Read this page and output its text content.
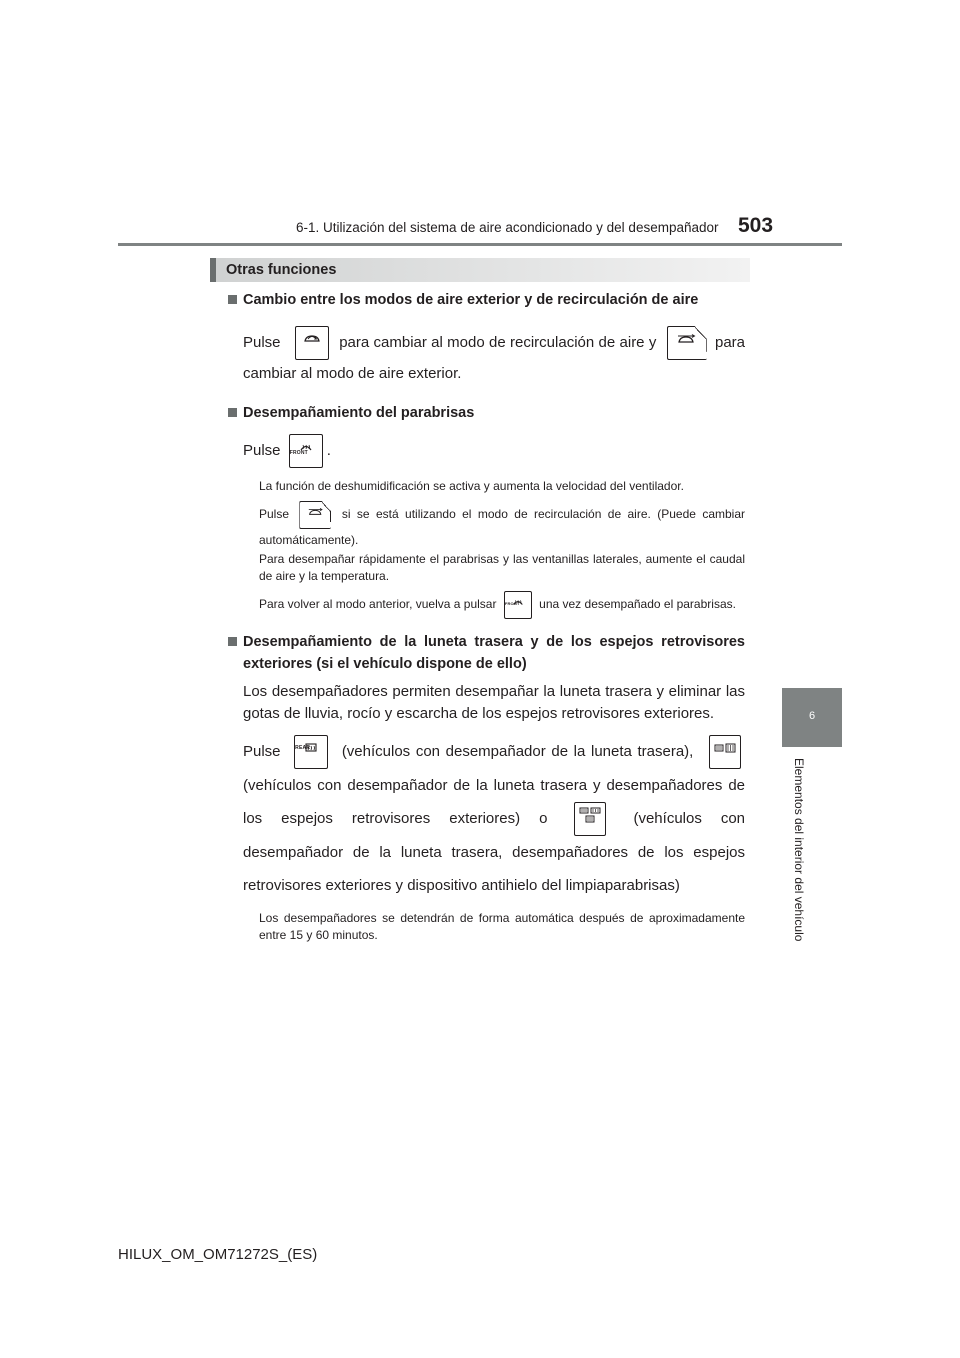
6-1. Utilización del sistema de aire acondicionado y del desempañador 503
6
Elementos del interior del vehículo
Otras funciones
Cambio entre los modos de aire exterior y de recirculación de aire
Pulse	para cambiar al modo de recirculación de aire y	para cambiar al modo de aire exterior.
Desempañamiento del parabrisas
Pulse FRONT	.
La función de deshumidificación se activa y aumenta la velocidad del ventilador.
Pulse	si se está utilizando el modo de recirculación de aire. (Puede cambiar automáticamente).
Para desempañar rápidamente el parabrisas y las ventanillas laterales, aumente el caudal de aire y la temperatura.
Para volver al modo anterior, vuelva a pulsar FRONT	una vez desempañado el parabrisas.
Desempañamiento de la luneta trasera y de los espejos retrovisores exteriores (si el vehículo dispone de ello)
Los desempañadores permiten desempañar la luneta trasera y eliminar las gotas de lluvia, rocío y escarcha de los espejos retrovisores exteriores.
Pulse	REAR	(vehículos con desempañador de la luneta trasera),
(vehículos con desempañador de la luneta trasera y desempañadores de los espejos retrovisores exteriores) o	(vehículos con desempañador de la luneta trasera, desempañadores de los espejos retrovisores exteriores y dispositivo antihielo del limpiaparabrisas)
Los desempañadores se detendrán de forma automática después de aproximadamente entre 15 y 60 minutos.
HILUX_OM_OM71272S_(ES)
